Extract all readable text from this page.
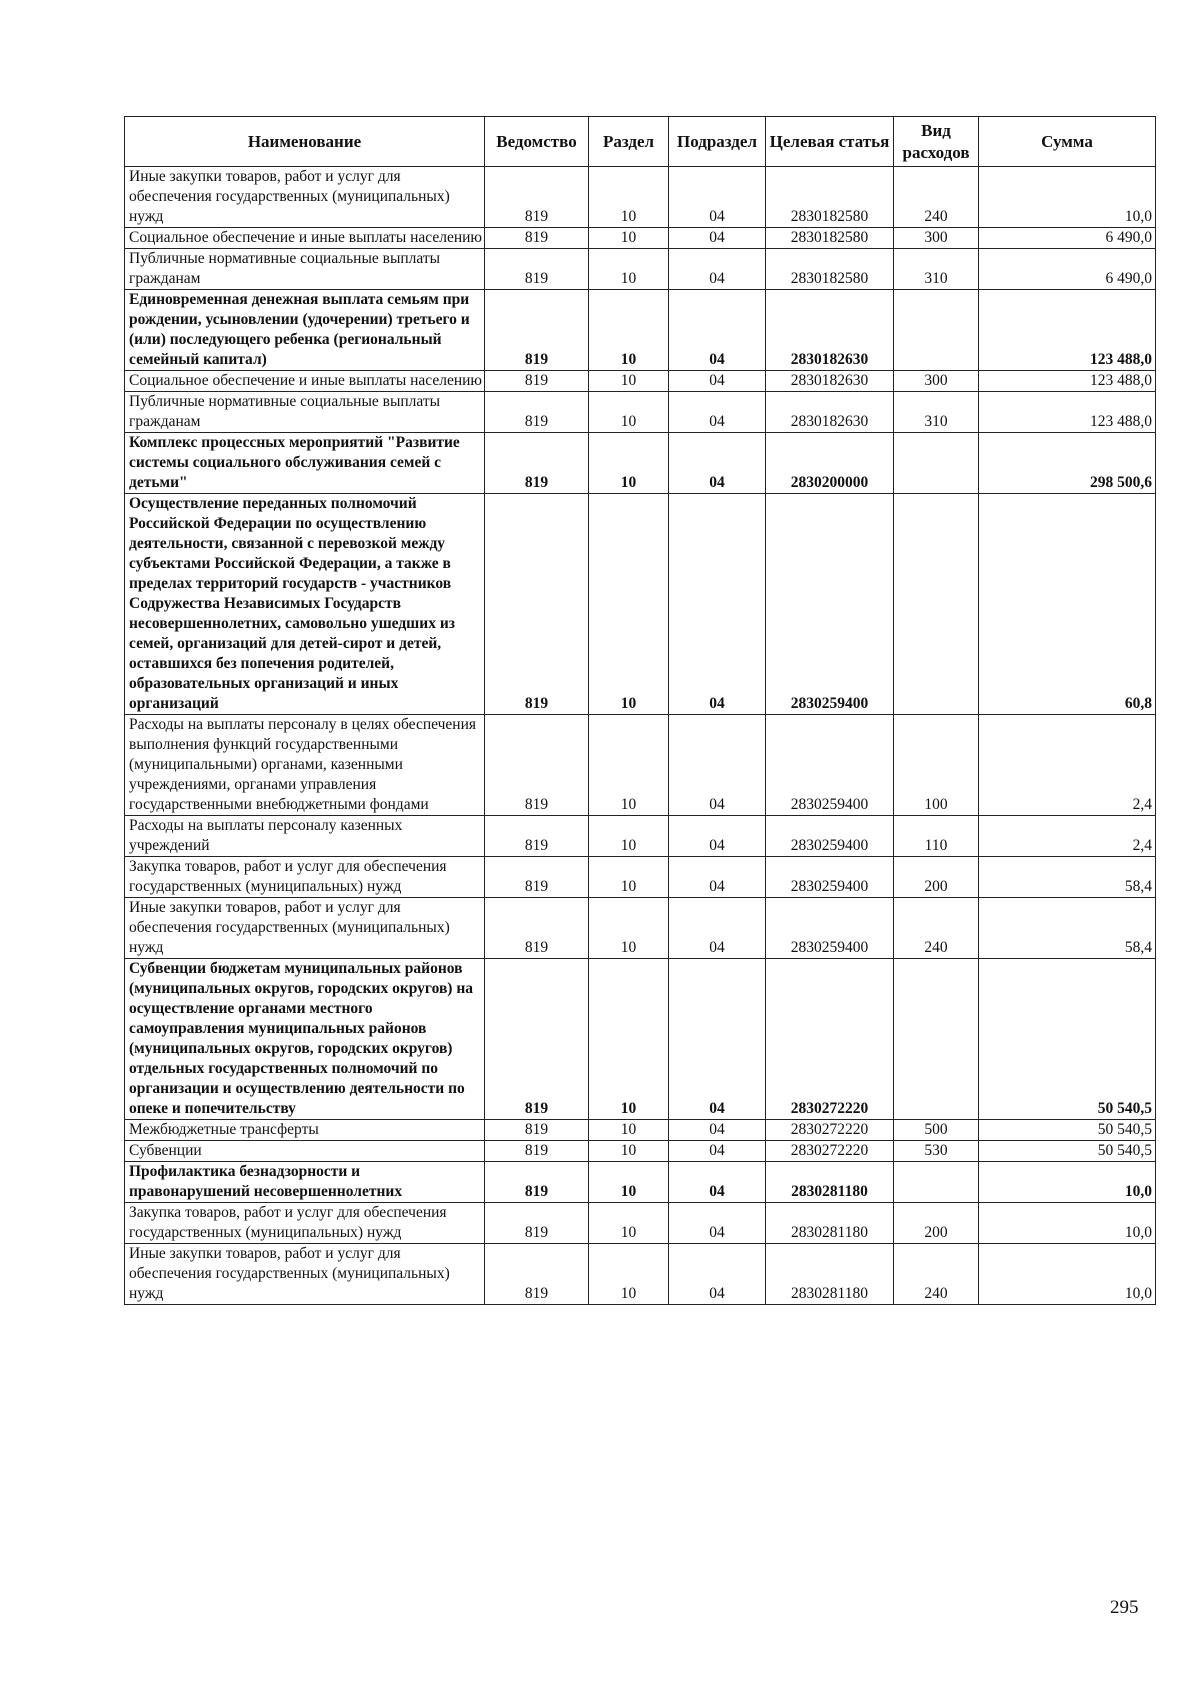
Наименование	Ведомство	Раздел	Подраздел	Целевая статья	Вид расходов	Сумма
Иные закупки товаров, работ и услуг для обеспечения государственных (муниципальных) нужд	819	10	04	2830182580	240	10,0
Социальное обеспечение и иные выплаты населению	819	10	04	2830182580	300	6 490,0
Публичные нормативные социальные выплаты гражданам	819	10	04	2830182580	310	6 490,0
Единовременная денежная выплата семьям при рождении, усыновлении (удочерении) третьего и (или) последующего ребенка (региональный семейный капитал)	819	10	04	2830182630		123 488,0
Социальное обеспечение и иные выплаты населению	819	10	04	2830182630	300	123 488,0
Публичные нормативные социальные выплаты гражданам	819	10	04	2830182630	310	123 488,0
Комплекс процессных мероприятий "Развитие системы социального обслуживания семей с детьми"	819	10	04	2830200000		298 500,6
Осуществление переданных полномочий Российской Федерации по осуществлению деятельности, связанной с перевозкой между субъектами Российской Федерации, а также в пределах территорий государств - участников Содружества Независимых Государств несовершеннолетних, самовольно ушедших из семей, организаций для детей-сирот и детей, оставшихся без попечения родителей, образовательных организаций и иных организаций	819	10	04	2830259400		60,8
Расходы на выплаты персоналу в целях обеспечения выполнения функций государственными (муниципальными) органами, казенными учреждениями, органами управления государственными внебюджетными фондами	819	10	04	2830259400	100	2,4
Расходы на выплаты персоналу казенных учреждений	819	10	04	2830259400	110	2,4
Закупка товаров, работ и услуг для обеспечения государственных (муниципальных) нужд	819	10	04	2830259400	200	58,4
Иные закупки товаров, работ и услуг для обеспечения государственных (муниципальных) нужд	819	10	04	2830259400	240	58,4
Субвенции бюджетам муниципальных районов (муниципальных округов, городских округов) на осуществление органами местного самоуправления муниципальных районов (муниципальных округов, городских округов) отдельных государственных полномочий по организации и осуществлению деятельности по опеке и попечительству	819	10	04	2830272220		50 540,5
Межбюджетные трансферты	819	10	04	2830272220	500	50 540,5
Субвенции	819	10	04	2830272220	530	50 540,5
Профилактика безнадзорности и правонарушений несовершеннолетних	819	10	04	2830281180		10,0
Закупка товаров, работ и услуг для обеспечения государственных (муниципальных) нужд	819	10	04	2830281180	200	10,0
Иные закупки товаров, работ и услуг для обеспечения государственных (муниципальных) нужд	819	10	04	2830281180	240	10,0
295
